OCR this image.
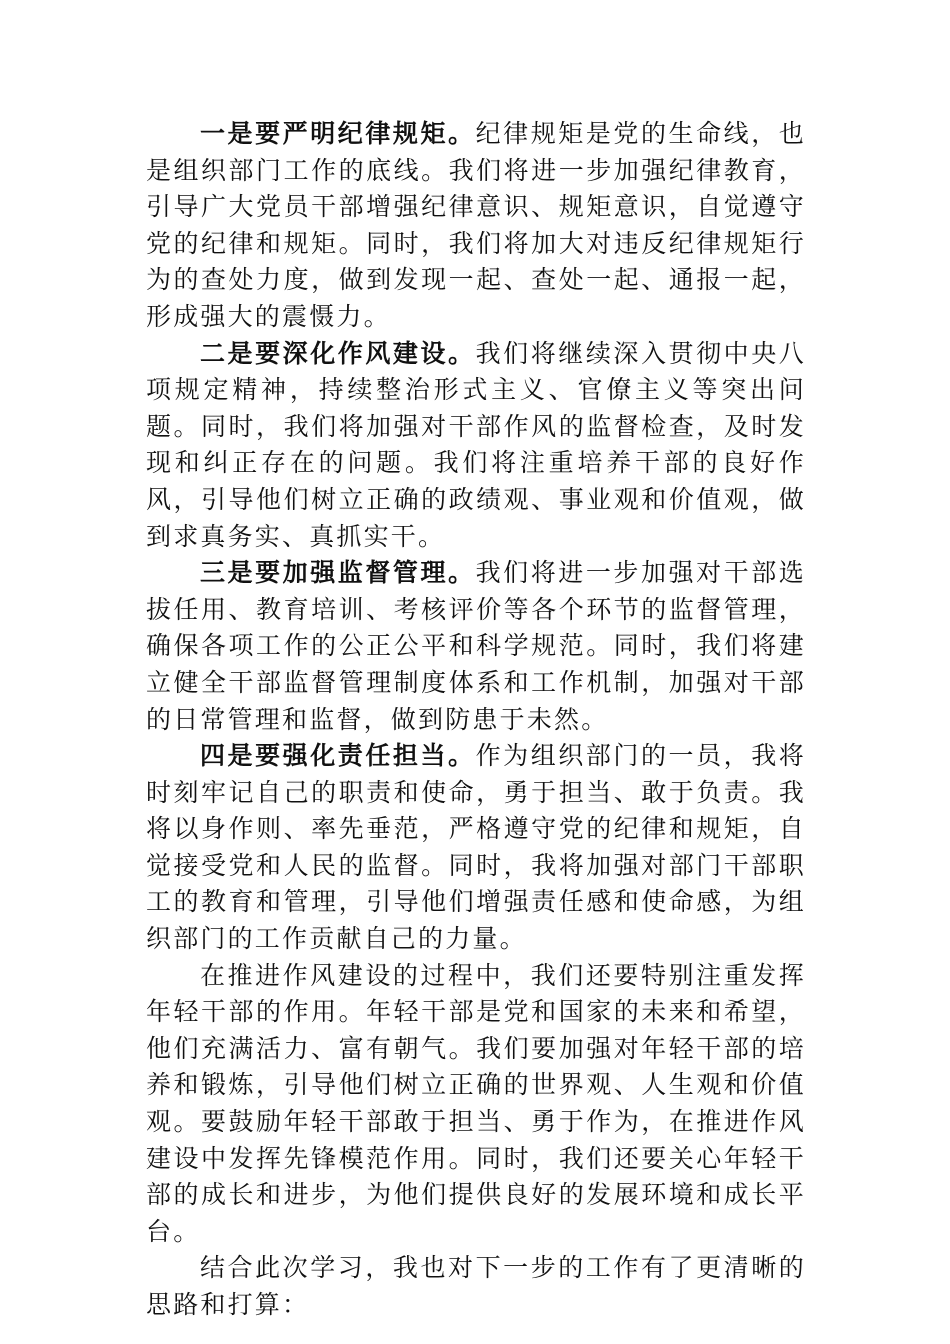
一是要严明纪律规矩。纪律规矩是党的生命线，也是组织部门工作的底线。我们将进一步加强纪律教育，引导广大党员干部增强纪律意识、规矩意识，自觉遵守党的纪律和规矩。同时，我们将加大对违反纪律规矩行为的查处力度，做到发现一起、查处一起、通报一起，形成强大的震慑力。

二是要深化作风建设。我们将继续深入贯彻中央八项规定精神，持续整治形式主义、官僚主义等突出问题。同时，我们将加强对干部作风的监督检查，及时发现和纠正存在的问题。我们将注重培养干部的良好作风，引导他们树立正确的政绩观、事业观和价值观，做到求真务实、真抓实干。

三是要加强监督管理。我们将进一步加强对干部选拔任用、教育培训、考核评价等各个环节的监督管理，确保各项工作的公正公平和科学规范。同时，我们将建立健全干部监督管理制度体系和工作机制，加强对干部的日常管理和监督，做到防患于未然。

四是要强化责任担当。作为组织部门的一员，我将时刻牢记自己的职责和使命，勇于担当、敢于负责。我将以身作则、率先垂范，严格遵守党的纪律和规矩，自觉接受党和人民的监督。同时，我将加强对部门干部职工的教育和管理，引导他们增强责任感和使命感，为组织部门的工作贡献自己的力量。

在推进作风建设的过程中，我们还要特别注重发挥年轻干部的作用。年轻干部是党和国家的未来和希望，他们充满活力、富有朝气。我们要加强对年轻干部的培养和锻炼，引导他们树立正确的世界观、人生观和价值观。要鼓励年轻干部敢于担当、勇于作为，在推进作风建设中发挥先锋模范作用。同时，我们还要关心年轻干部的成长和进步，为他们提供良好的发展环境和成长平台。

结合此次学习，我也对下一步的工作有了更清晰的思路和打算：
